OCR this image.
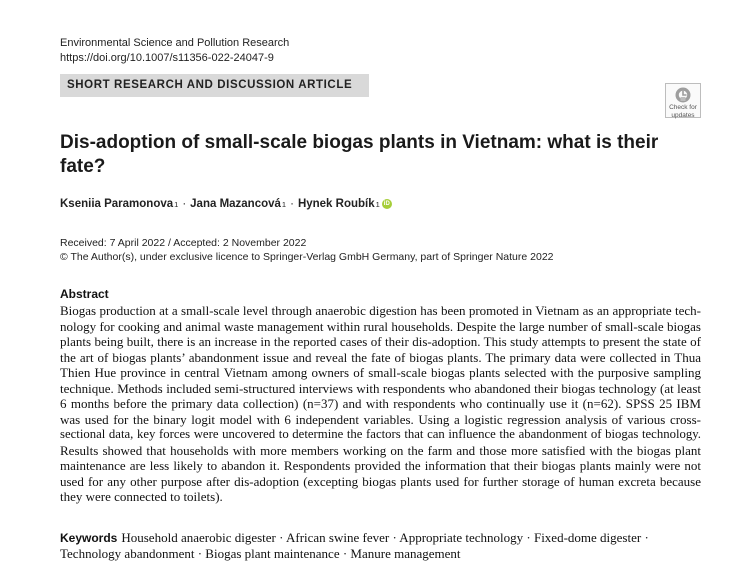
Environmental Science and Pollution Research
https://doi.org/10.1007/s11356-022-24047-9
SHORT RESEARCH AND DISCUSSION ARTICLE
Check for
updates
Dis-adoption of small-scale biogas plants in Vietnam: what is their
fate?
Kseniia Paramonova 1 · Jana Mazancová 1 · Hynek Roubík 1 iD
Received: 7 April 2022 / Accepted: 2 November 2022
© The Author(s), under exclusive licence to Springer-Verlag GmbH Germany, part of Springer Nature 2022
Abstract
Biogas production at a small-scale level through anaerobic digestion has been promoted in Vietnam as an appropriate tech-
nology for cooking and animal waste management within rural households. Despite the large number of small-scale biogas
plants being built, there is an increase in the reported cases of their dis-adoption. This study attempts to present the state of
the art of biogas plants’ abandonment issue and reveal the fate of biogas plants. The primary data were collected in Thua
Thien Hue province in central Vietnam among owners of small-scale biogas plants selected with the purposive sampling
technique. Methods included semi-structured interviews with respondents who abandoned their biogas technology (at least
6 months before the primary data collection) (n=37) and with respondents who continually use it (n=62). SPSS 25 IBM
was used for the binary logit model with 6 independent variables. Using a logistic regression analysis of various cross-
sectional data, key forces were uncovered to determine the factors that can influence the abandonment of biogas technology.
Results showed that households with more members working on the farm and those more satisfied with the biogas plant
maintenance are less likely to abandon it. Respondents provided the information that their biogas plants mainly were not
used for any other purpose after dis-adoption (excepting biogas plants used for further storage of human excreta because
they were connected to toilets).
Keywords Household anaerobic digester · African swine fever · Appropriate technology · Fixed-dome digester ·
Technology abandonment · Biogas plant maintenance · Manure management
